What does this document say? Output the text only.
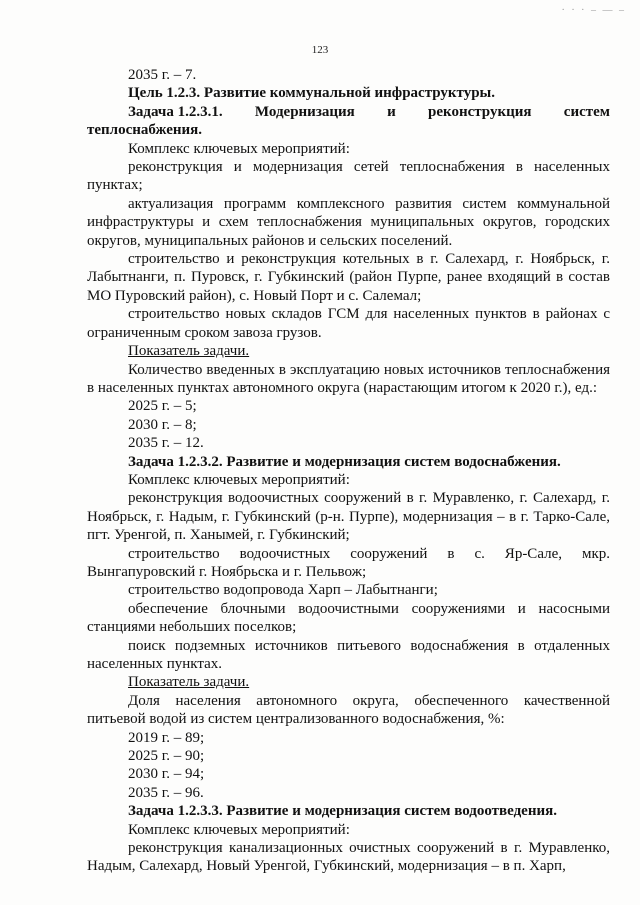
· · · – — –
123

2035 г. – 7.

Цель 1.2.3. Развитие коммунальной инфраструктуры.

Задача 1.2.3.1. Модернизация и реконструкция систем

теплоснабжения.

Комплекс ключевых мероприятий:

реконструкция и модернизация сетей теплоснабжения в населенных пунктах;

актуализация программ комплексного развития систем коммунальной инфраструктуры и схем теплоснабжения муниципальных округов, городских округов, муниципальных районов и сельских поселений.

строительство и реконструкция котельных в г. Салехард, г. Ноябрьск, г. Лабытнанги, п. Пуровск, г. Губкинский (район Пурпе, ранее входящий в состав МО Пуровский район), с. Новый Порт и с. Салемал;

строительство новых складов ГСМ для населенных пунктов в районах с ограниченным сроком завоза грузов.

Показатель задачи.

Количество введенных в эксплуатацию новых источников теплоснабжения в населенных пунктах автономного округа (нарастающим итогом к 2020 г.), ед.:

2025 г. – 5;

2030 г. – 8;

2035 г. – 12.

Задача 1.2.3.2. Развитие и модернизация систем водоснабжения.

Комплекс ключевых мероприятий:

реконструкция водоочистных сооружений в г. Муравленко, г. Салехард, г. Ноябрьск, г. Надым, г. Губкинский (р-н. Пурпе), модернизация – в г. Тарко-Сале, пгт. Уренгой, п. Ханымей, г. Губкинский;

строительство водоочистных сооружений в с. Яр-Сале, мкр. Вынгапуровский г. Ноябрьска и г. Пельвож;

строительство водопровода Харп – Лабытнанги;

обеспечение блочными водоочистными сооружениями и насосными станциями небольших поселков;

поиск подземных источников питьевого водоснабжения в отдаленных населенных пунктах.

Показатель задачи.

Доля населения автономного округа, обеспеченного качественной питьевой водой из систем централизованного водоснабжения, %:

2019 г. – 89;

2025 г. – 90;

2030 г. – 94;

2035 г. – 96.

Задача 1.2.3.3. Развитие и модернизация систем водоотведения.

Комплекс ключевых мероприятий:

реконструкция канализационных очистных сооружений в г. Муравленко, Надым, Салехард, Новый Уренгой, Губкинский, модернизация – в п. Харп,
